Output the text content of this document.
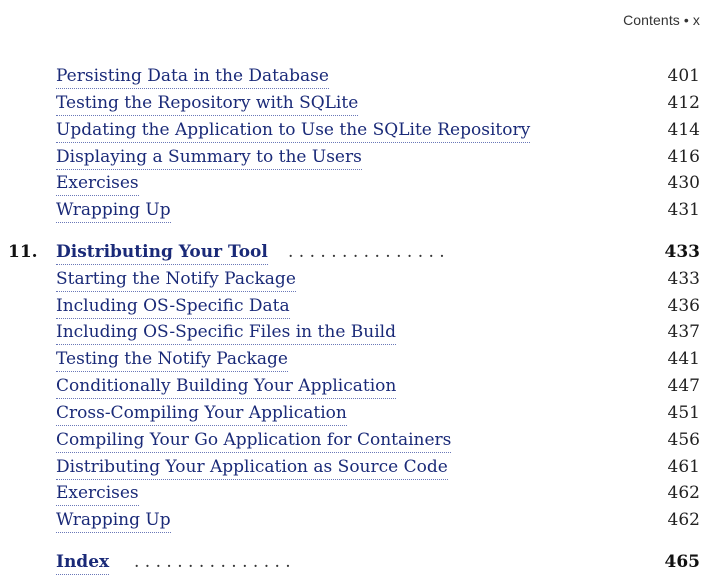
Contents • x
Persisting Data in the Database	401
Testing the Repository with SQLite	412
Updating the Application to Use the SQLite Repository	414
Displaying a Summary to the Users	416
Exercises	430
Wrapping Up	431
11. Distributing Your Tool . . . . . . . . . . . . . . .	433
Starting the Notify Package	433
Including OS-Specific Data	436
Including OS-Specific Files in the Build	437
Testing the Notify Package	441
Conditionally Building Your Application	447
Cross-Compiling Your Application	451
Compiling Your Go Application for Containers	456
Distributing Your Application as Source Code	461
Exercises	462
Wrapping Up	462
Index . . . . . . . . . . . . . . .	465
